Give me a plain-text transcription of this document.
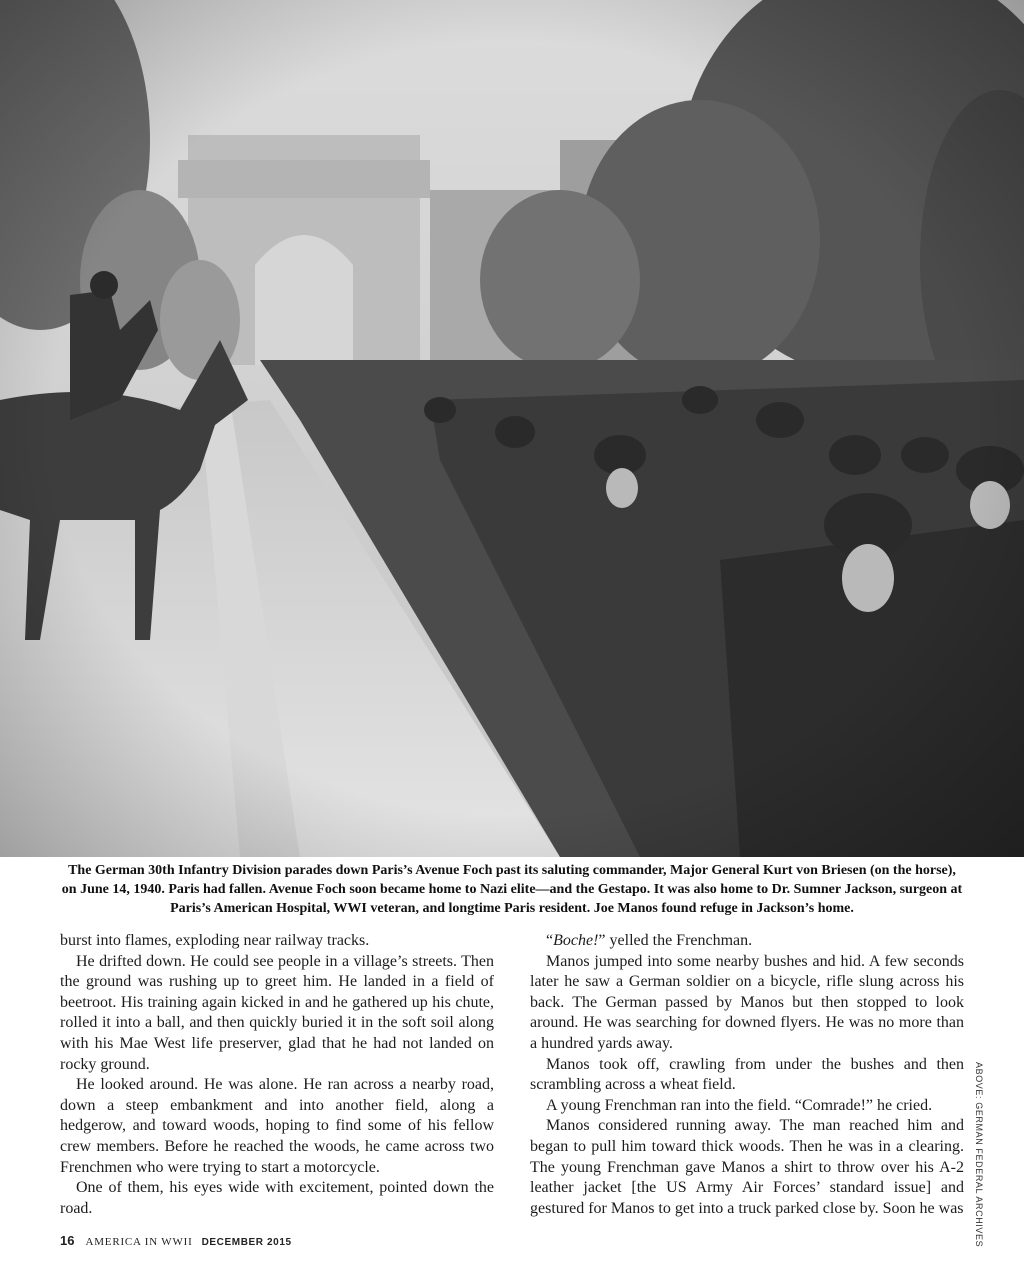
The German 30th Infantry Division parades down Paris’s Avenue Foch past its saluting commander, Major General Kurt von Briesen (on the horse), on June 14, 1940. Paris had fallen. Avenue Foch soon became home to Nazi elite—and the Gestapo. It was also home to Dr. Sumner Jackson, surgeon at Paris’s American Hospital, WWI veteran, and longtime Paris resident. Joe Manos found refuge in Jackson’s home.

burst into flames, exploding near railway tracks.

He drifted down. He could see people in a village’s streets. Then the ground was rushing up to greet him. He landed in a field of beetroot. His training again kicked in and he gathered up his chute, rolled it into a ball, and then quickly buried it in the soft soil along with his Mae West life preserver, glad that he had not landed on rocky ground.

He looked around. He was alone. He ran across a nearby road, down a steep embankment and into another field, along a hedgerow, and toward woods, hoping to find some of his fellow crew members. Before he reached the woods, he came across two Frenchmen who were trying to start a motorcycle.

One of them, his eyes wide with excitement, pointed down the road.

“Boche!” yelled the Frenchman.

Manos jumped into some nearby bushes and hid. A few seconds later he saw a German soldier on a bicycle, rifle slung across his back. The German passed by Manos but then stopped to look around. He was searching for downed flyers. He was no more than a hundred yards away.

Manos took off, crawling from under the bushes and then scrambling across a wheat field.

A young Frenchman ran into the field. “Comrade!” he cried.

Manos considered running away. The man reached him and began to pull him toward thick woods. Then he was in a clearing. The young Frenchman gave Manos a shirt to throw over his A-2 leather jacket [the US Army Air Forces’ standard issue] and gestured for Manos to get into a truck parked close by. Soon he was ABOVE: GERMAN FEDERAL ARCHIVES
16 AMERICA IN WWII DECEMBER 2015
